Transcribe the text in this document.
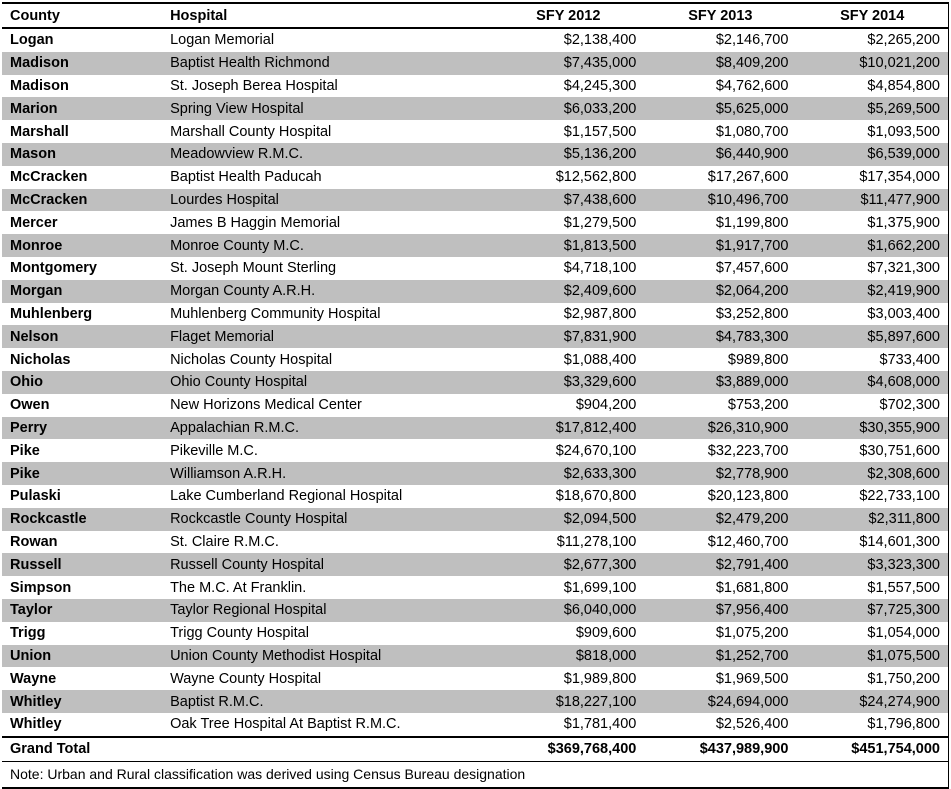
County	Hospital	SFY 2012	SFY 2013	SFY 2014
Logan	Logan Memorial	$2,138,400	$2,146,700	$2,265,200
Madison	Baptist Health Richmond	$7,435,000	$8,409,200	$10,021,200
Madison	St. Joseph Berea Hospital	$4,245,300	$4,762,600	$4,854,800
Marion	Spring View Hospital	$6,033,200	$5,625,000	$5,269,500
Marshall	Marshall County Hospital	$1,157,500	$1,080,700	$1,093,500
Mason	Meadowview R.M.C.	$5,136,200	$6,440,900	$6,539,000
McCracken	Baptist Health Paducah	$12,562,800	$17,267,600	$17,354,000
McCracken	Lourdes Hospital	$7,438,600	$10,496,700	$11,477,900
Mercer	James B Haggin Memorial	$1,279,500	$1,199,800	$1,375,900
Monroe	Monroe County M.C.	$1,813,500	$1,917,700	$1,662,200
Montgomery	St. Joseph Mount Sterling	$4,718,100	$7,457,600	$7,321,300
Morgan	Morgan County A.R.H.	$2,409,600	$2,064,200	$2,419,900
Muhlenberg	Muhlenberg Community Hospital	$2,987,800	$3,252,800	$3,003,400
Nelson	Flaget Memorial	$7,831,900	$4,783,300	$5,897,600
Nicholas	Nicholas County Hospital	$1,088,400	$989,800	$733,400
Ohio	Ohio County Hospital	$3,329,600	$3,889,000	$4,608,000
Owen	New Horizons Medical Center	$904,200	$753,200	$702,300
Perry	Appalachian R.M.C.	$17,812,400	$26,310,900	$30,355,900
Pike	Pikeville M.C.	$24,670,100	$32,223,700	$30,751,600
Pike	Williamson A.R.H.	$2,633,300	$2,778,900	$2,308,600
Pulaski	Lake Cumberland Regional Hospital	$18,670,800	$20,123,800	$22,733,100
Rockcastle	Rockcastle County Hospital	$2,094,500	$2,479,200	$2,311,800
Rowan	St. Claire R.M.C.	$11,278,100	$12,460,700	$14,601,300
Russell	Russell County Hospital	$2,677,300	$2,791,400	$3,323,300
Simpson	The M.C. At Franklin.	$1,699,100	$1,681,800	$1,557,500
Taylor	Taylor Regional Hospital	$6,040,000	$7,956,400	$7,725,300
Trigg	Trigg County Hospital	$909,600	$1,075,200	$1,054,000
Union	Union County Methodist Hospital	$818,000	$1,252,700	$1,075,500
Wayne	Wayne County Hospital	$1,989,800	$1,969,500	$1,750,200
Whitley	Baptist R.M.C.	$18,227,100	$24,694,000	$24,274,900
Whitley	Oak Tree Hospital At Baptist R.M.C.	$1,781,400	$2,526,400	$1,796,800
Grand Total		$369,768,400	$437,989,900	$451,754,000
Note: Urban and Rural classification was derived using Census Bureau designation				
